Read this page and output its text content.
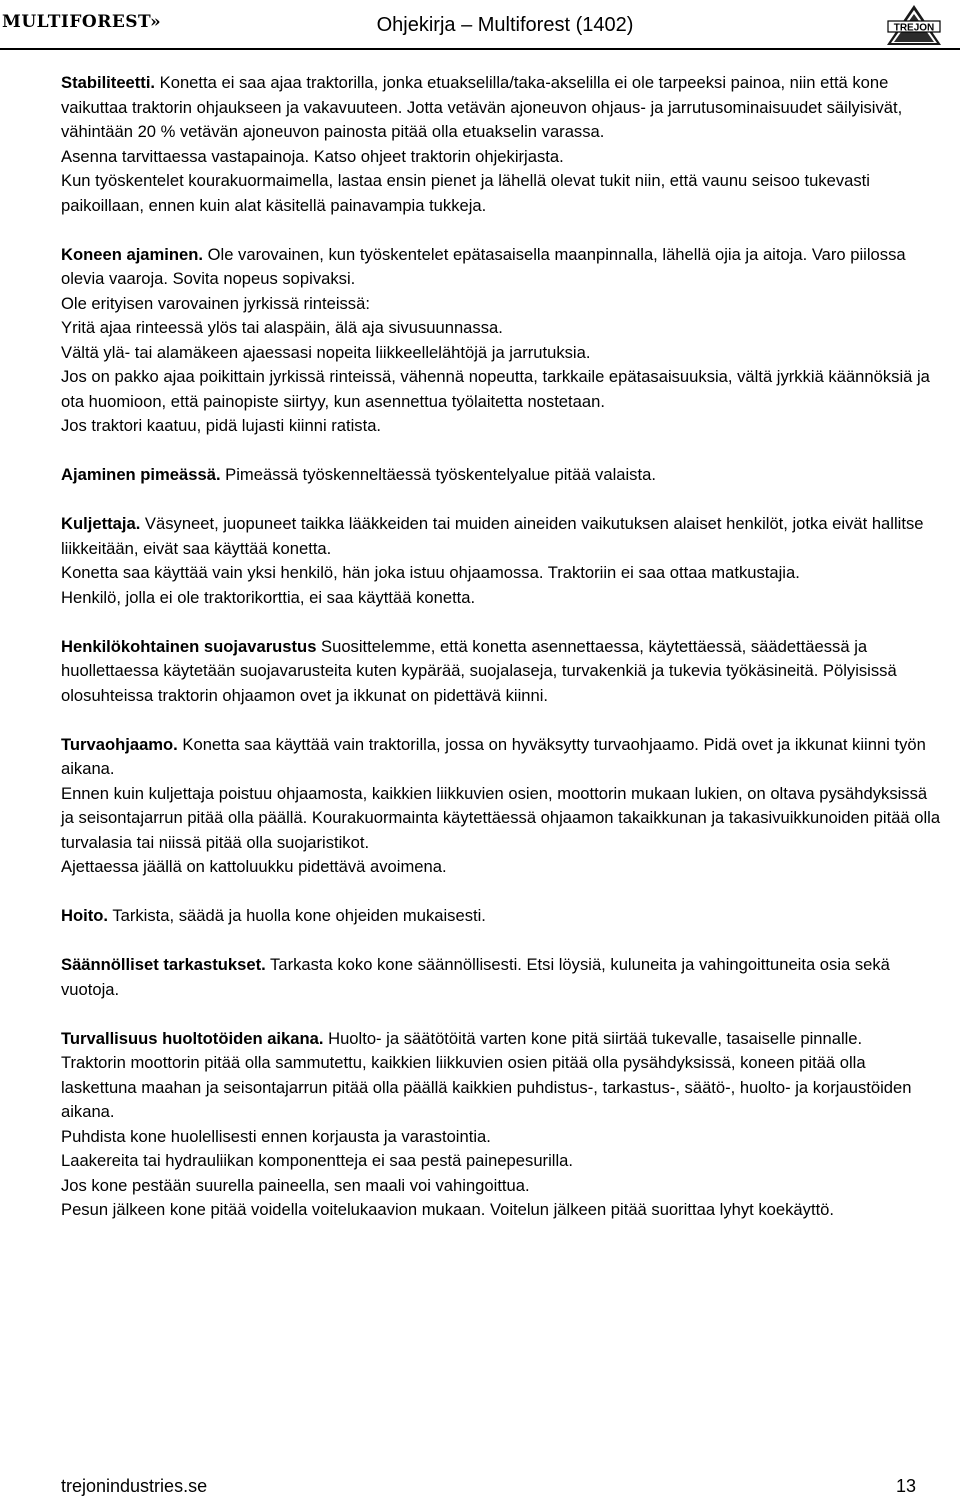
MULTIFOREST»	Ohjekirja – Multiforest (1402)	TREJON

Stabiliteetti. Konetta ei saa ajaa traktorilla, jonka etuakselilla/taka-akselilla ei ole tarpeeksi painoa, niin että kone vaikuttaa traktorin ohjaukseen ja vakavuuteen. Jotta vetävän ajoneuvon ohjaus- ja jarrutusominaisuudet säilyisivät, vähintään 20 % vetävän ajoneuvon painosta pitää olla etuakselin varassa.

Asenna tarvittaessa vastapainoja. Katso ohjeet traktorin ohjekirjasta.

Kun työskentelet kourakuormaimella, lastaa ensin pienet ja lähellä olevat tukit niin, että vaunu seisoo tukevasti paikoillaan, ennen kuin alat käsitellä painavampia tukkeja.

Koneen ajaminen. Ole varovainen, kun työskentelet epätasaisella maanpinnalla, lähellä ojia ja aitoja. Varo piilossa olevia vaaroja. Sovita nopeus sopivaksi.

Ole erityisen varovainen jyrkissä rinteissä:

Yritä ajaa rinteessä ylös tai alaspäin, älä aja sivusuunnassa.

Vältä ylä- tai alamäkeen ajaessasi nopeita liikkeellelähtöjä ja jarrutuksia.

Jos on pakko ajaa poikittain jyrkissä rinteissä, vähennä nopeutta, tarkkaile epätasaisuuksia, vältä jyrkkiä käännöksiä ja ota huomioon, että painopiste siirtyy, kun asennettua työlaitetta nostetaan.

Jos traktori kaatuu, pidä lujasti kiinni ratista.

Ajaminen pimeässä. Pimeässä työskenneltäessä työskentelyalue pitää valaista.

Kuljettaja. Väsyneet, juopuneet taikka lääkkeiden tai muiden aineiden vaikutuksen alaiset henkilöt, jotka eivät hallitse liikkeitään, eivät saa käyttää konetta.

Konetta saa käyttää vain yksi henkilö, hän joka istuu ohjaamossa. Traktoriin ei saa ottaa matkustajia.

Henkilö, jolla ei ole traktorikorttia, ei saa käyttää konetta.

Henkilökohtainen suojavarustus Suosittelemme, että konetta asennettaessa, käytettäessä, säädettäessä ja huollettaessa käytetään suojavarusteita kuten kypärää, suojalaseja, turvakenkiä ja tukevia työkäsineitä. Pölyisissä olosuhteissa traktorin ohjaamon ovet ja ikkunat on pidettävä kiinni.

Turvaohjaamo. Konetta saa käyttää vain traktorilla, jossa on hyväksytty turvaohjaamo. Pidä ovet ja ikkunat kiinni työn aikana.

Ennen kuin kuljettaja poistuu ohjaamosta, kaikkien liikkuvien osien, moottorin mukaan lukien, on oltava pysähdyksissä ja seisontajarrun pitää olla päällä. Kourakuormainta käytettäessä ohjaamon takaikkunan ja takasivuikkunoiden pitää olla turvalasia tai niissä pitää olla suojaristikot.

Ajettaessa jäällä on kattoluukku pidettävä avoimena.

Hoito. Tarkista, säädä ja huolla kone ohjeiden mukaisesti.

Säännölliset tarkastukset. Tarkasta koko kone säännöllisesti. Etsi löysiä, kuluneita ja vahingoittuneita osia sekä vuotoja.

Turvallisuus huoltotöiden aikana. Huolto- ja säätötöitä varten kone pitä siirtää tukevalle, tasaiselle pinnalle.

Traktorin moottorin pitää olla sammutettu, kaikkien liikkuvien osien pitää olla pysähdyksissä, koneen pitää olla laskettuna maahan ja seisontajarrun pitää olla päällä kaikkien puhdistus-, tarkastus-, säätö-, huolto- ja korjaustöiden aikana.

Puhdista kone huolellisesti ennen korjausta ja varastointia.

Laakereita tai hydrauliikan komponentteja ei saa pestä painepesurilla.

Jos kone pestään suurella paineella, sen maali voi vahingoittua.

Pesun jälkeen kone pitää voidella voitelukaavion mukaan. Voitelun jälkeen pitää suorittaa lyhyt koekäyttö.

trejonindustries.se	13
